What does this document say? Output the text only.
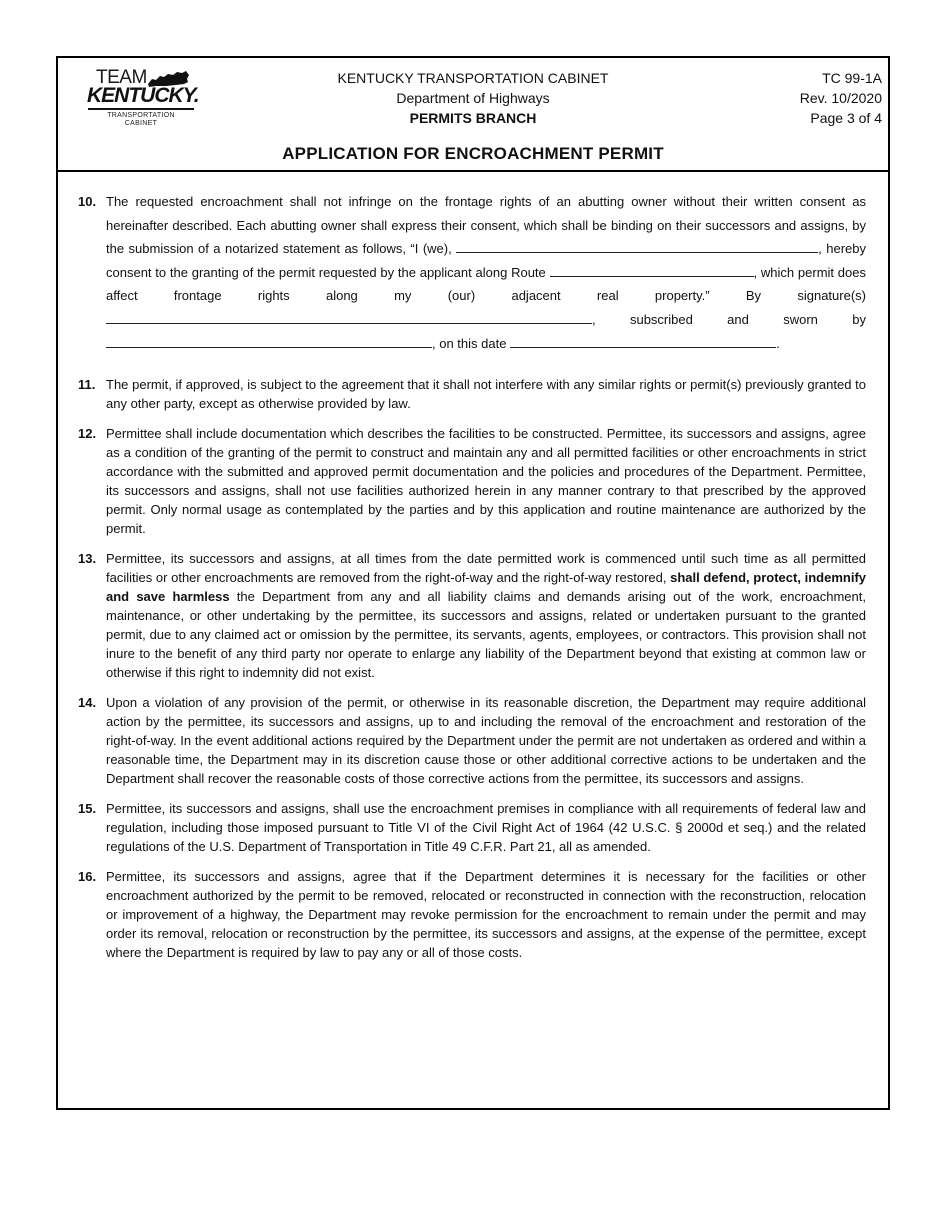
TEAM
KENTUCKY.
TRANSPORTATION
CABINET
KENTUCKY TRANSPORTATION CABINET
Department of Highways
PERMITS BRANCH
TC 99-1A
Rev. 10/2020
Page 3 of 4
APPLICATION FOR ENCROACHMENT PERMIT
10. The requested encroachment shall not infringe on the frontage rights of an abutting owner without their written consent as hereinafter described. Each abutting owner shall express their consent, which shall be binding on their successors and assigns, by the submission of a notarized statement as follows, “I (we),	, hereby consent to the granting of the permit requested by the applicant along Route	, which permit does affect frontage rights along my (our) adjacent real property.” By signature(s) , subscribed and sworn by , on this date	.
11. The permit, if approved, is subject to the agreement that it shall not interfere with any similar rights or permit(s) previously granted to any other party, except as otherwise provided by law.
12. Permittee shall include documentation which describes the facilities to be constructed. Permittee, its successors and assigns, agree as a condition of the granting of the permit to construct and maintain any and all permitted facilities or other encroachments in strict accordance with the submitted and approved permit documentation and the policies and procedures of the Department. Permittee, its successors and assigns, shall not use facilities authorized herein in any manner contrary to that prescribed by the approved permit. Only normal usage as contemplated by the parties and by this application and routine maintenance are authorized by the permit.
13. Permittee, its successors and assigns, at all times from the date permitted work is commenced until such time as all permitted facilities or other encroachments are removed from the right-of-way and the right-of-way restored, shall defend, protect, indemnify and save harmless the Department from any and all liability claims and demands arising out of the work, encroachment, maintenance, or other undertaking by the permittee, its successors and assigns, related or undertaken pursuant to the granted permit, due to any claimed act or omission by the permittee, its servants, agents, employees, or contractors. This provision shall not inure to the benefit of any third party nor operate to enlarge any liability of the Department beyond that existing at common law or otherwise if this right to indemnity did not exist.
14. Upon a violation of any provision of the permit, or otherwise in its reasonable discretion, the Department may require additional action by the permittee, its successors and assigns, up to and including the removal of the encroachment and restoration of the right-of-way. In the event additional actions required by the Department under the permit are not undertaken as ordered and within a reasonable time, the Department may in its discretion cause those or other additional corrective actions to be undertaken and the Department shall recover the reasonable costs of those corrective actions from the permittee, its successors and assigns.
15. Permittee, its successors and assigns, shall use the encroachment premises in compliance with all requirements of federal law and regulation, including those imposed pursuant to Title VI of the Civil Right Act of 1964 (42 U.S.C. § 2000d et seq.) and the related regulations of the U.S. Department of Transportation in Title 49 C.F.R. Part 21, all as amended.
16. Permittee, its successors and assigns, agree that if the Department determines it is necessary for the facilities or other encroachment authorized by the permit to be removed, relocated or reconstructed in connection with the reconstruction, relocation or improvement of a highway, the Department may revoke permission for the encroachment to remain under the permit and may order its removal, relocation or reconstruction by the permittee, its successors and assigns, at the expense of the permittee, except where the Department is required by law to pay any or all of those costs.
